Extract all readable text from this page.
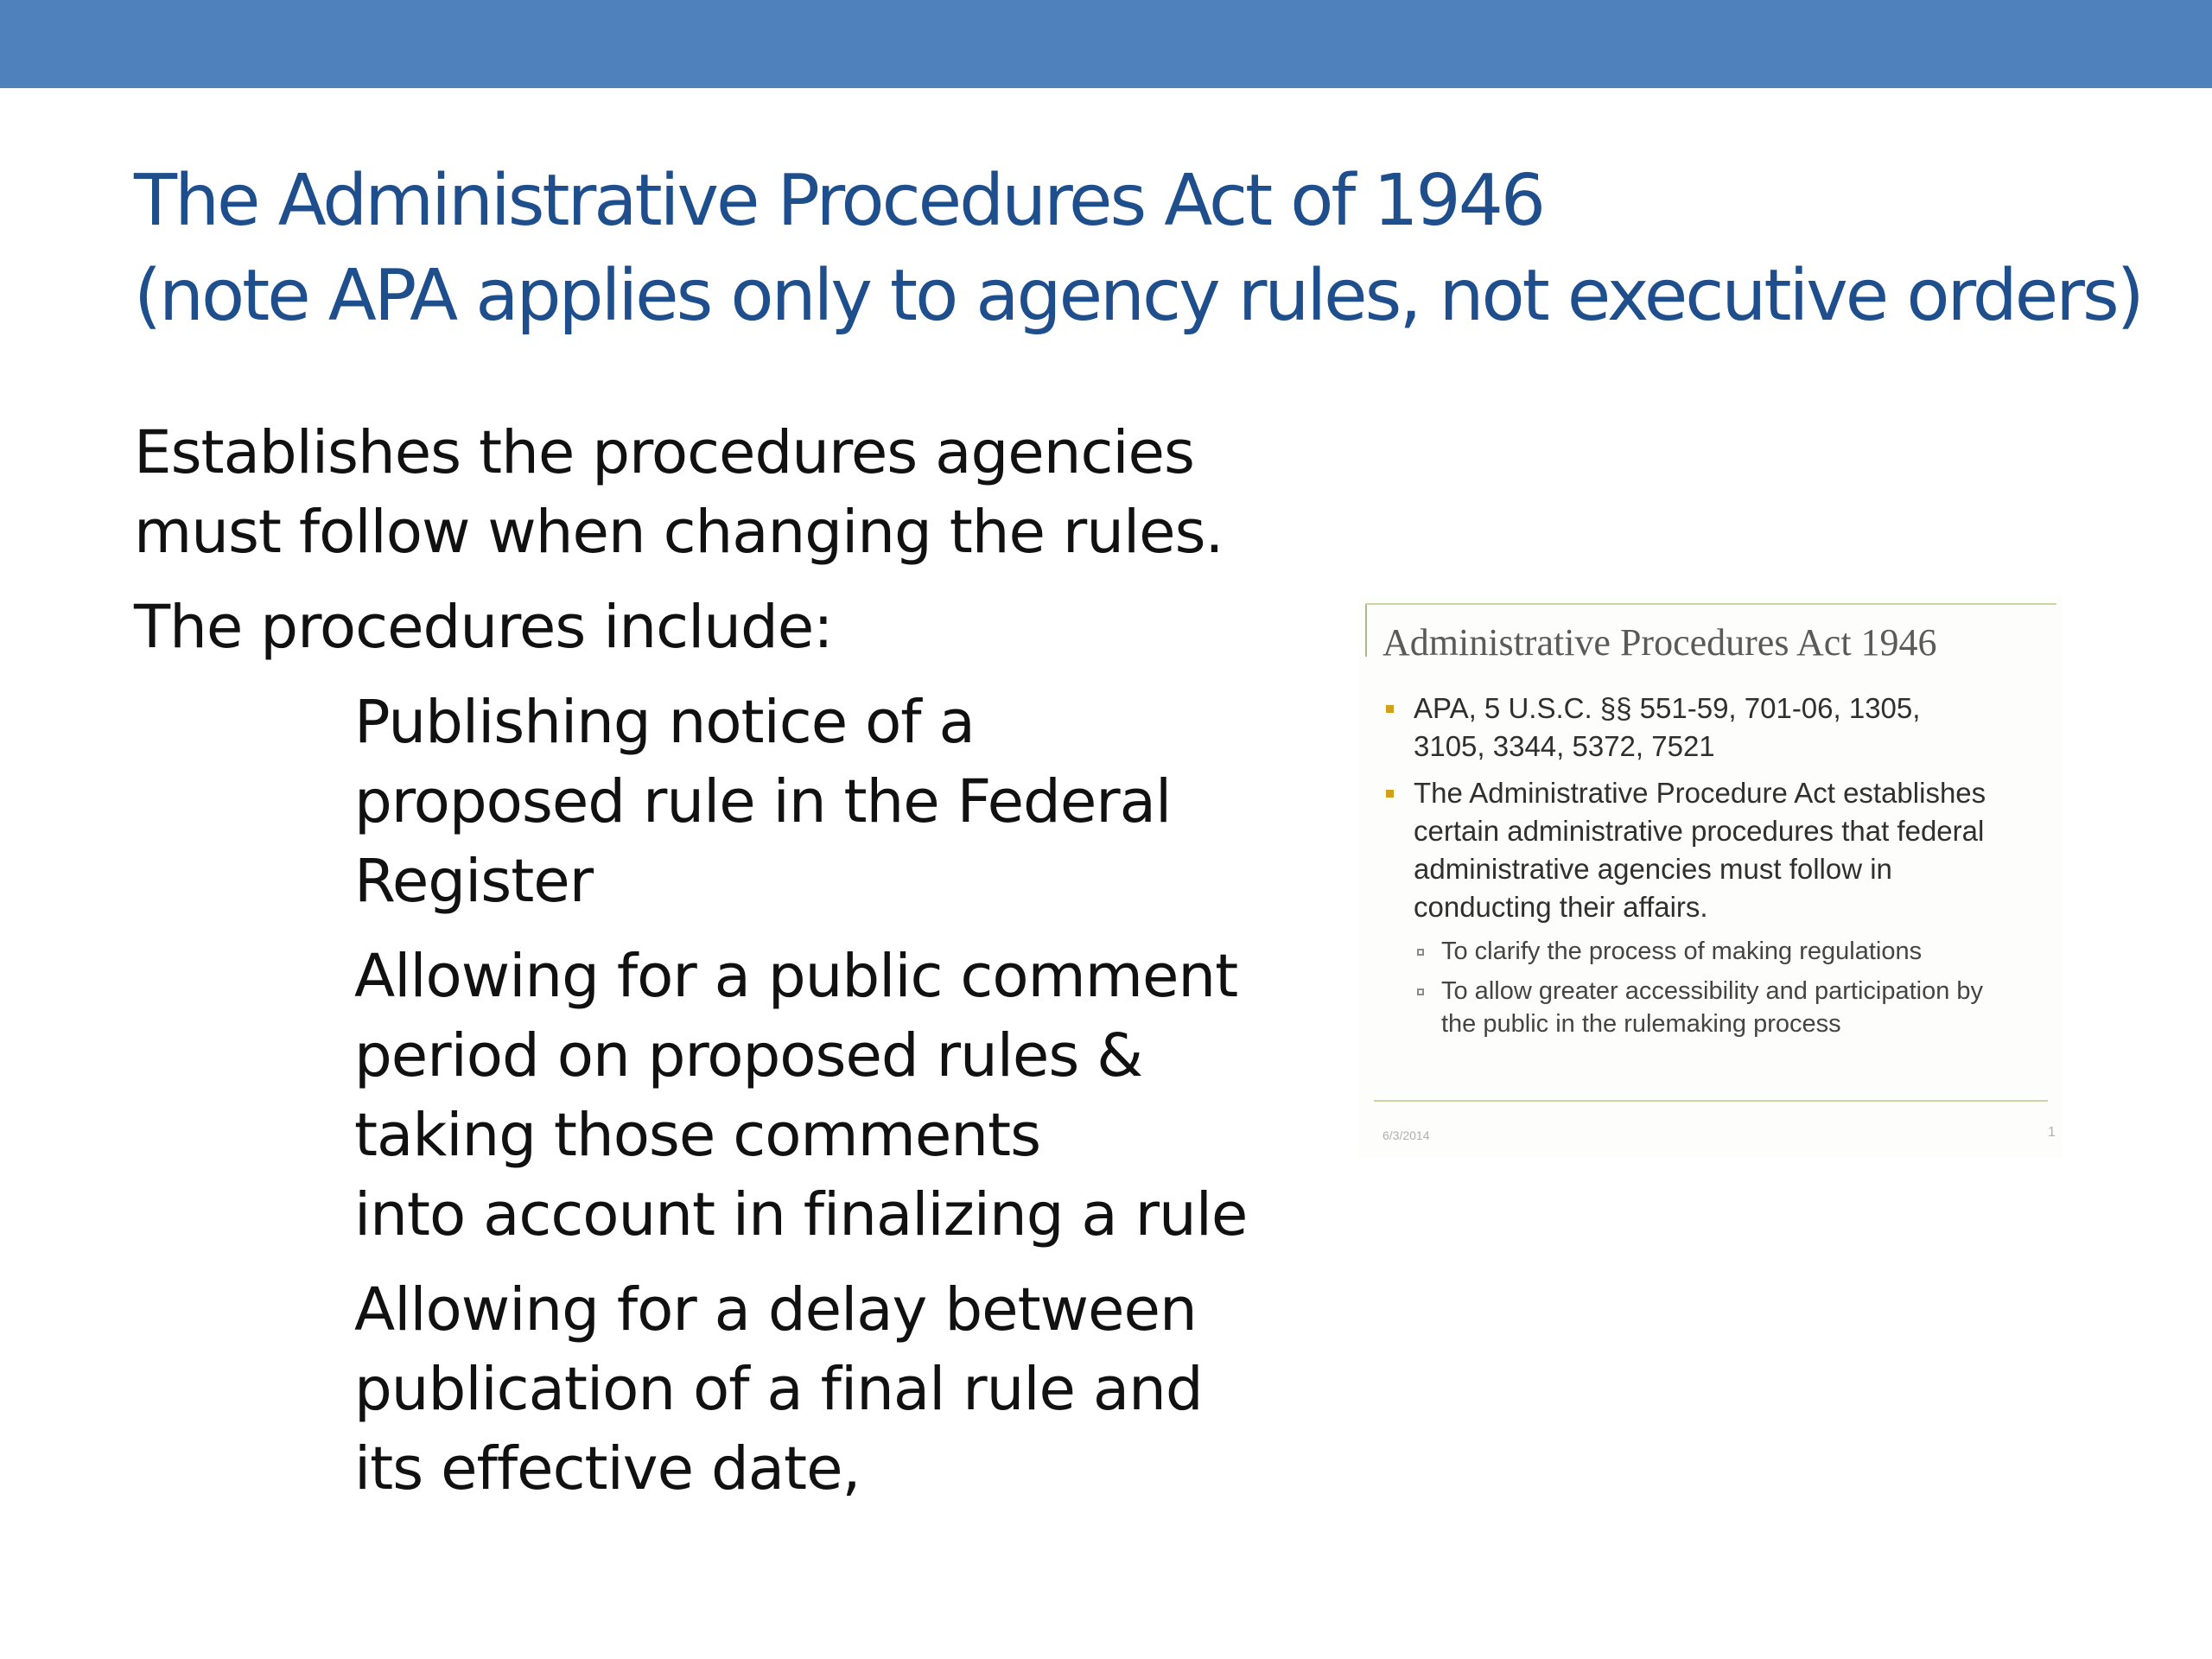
The Administrative Procedures Act of 1946
(note APA applies only to agency rules, not executive orders)

Establishes the procedures agencies
must follow when changing the rules.

The procedures include:

Publishing notice of a
proposed rule in the Federal
Register
Allowing for a public comment
period on proposed rules &
taking those comments
into account in finalizing a rule
Allowing for a delay between
publication of a final rule and
its effective date,
Administrative Procedures Act 1946
APA, 5 U.S.C. §§ 551-59, 701-06, 1305,
3105, 3344, 5372, 7521
The Administrative Procedure Act establishes
certain administrative procedures that federal
administrative agencies must follow in
conducting their affairs.
To clarify the process of making regulations
To allow greater accessibility and participation by
the public in the rulemaking process
6/3/2014	1
